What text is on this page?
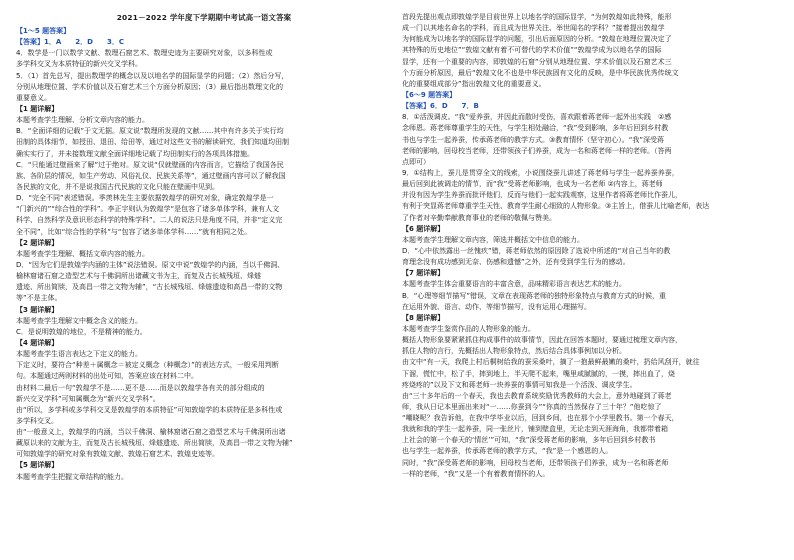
2021－2022 学年度下学期期中考试高一语文答案
【1～5 题答案】
【答案】1．A　　2．D　　3．C
4．数学是一门以数学文献、数理石窟艺术、数理史迹为主要研究对象，以多科性或
多学科交叉为本质特征的新兴交叉学科。
5．（1）首先总写，提出数理学的概念以及以地名学的国际显学的问题；（2）然后分写，
分别从地理位置、学术价值以及石窟艺术三个方面分析原因；（3）最后指出数理文化的
重要意义。
【1 题详解】
本题考查学生理解、分析文章内容的能力。
B．“全面详细的记载”于文无据。原文说“数理所发现的文献……其中有许多关于实行均
田制的具体细节，如授田、退田、给田等，通过对这些文书的解读研究，我们知道均田制
确实实行了，并未接数理文献全面详细地记载了均田制实行的各项具体措施。
C．“只能通过壁画来了解”过于绝对。原文说“仅就壁画的内容而言，它描绘了我国各民
族、各阶层的情况，如生产劳动、风俗礼仪、民族关系等”，通过壁画内容可以了解我国
各民族的文化，并不是说我国古代民族的文化只能在壁画中见到。
D．“完全不同”表述错误。季羡林先生主要依据敦煌学的研究对象，确定敦煌学是一
“门新兴的”“综合性的学科”。李正宇则认为敦煌学“是包容了诸多单体学科，兼有人文
科学、自然科学及意识形态科学的特殊学科”。二人的说法只是角度不同，并非“定义完
全不同”，比如“综合性的学科”与“包容了诸多单体学科……”就有相同之处。
【2 题详解】
本题考查学生理解、概括文章内容的能力。
D．“因为它们是敦煌学内涵的主体”说法错误。原文中说“敦煌学的内涵，当以千佛洞、
榆林窟诸石窟之造型艺术与千佛洞所出诸藏文书为主，而复及古长城残垣、烽燧
遗迹、所出简牍，及高昌一带之文物为辅”，“古长城残垣、烽燧遗迹和高昌一带的文物
等”不是主体。
【3 题详解】
本题考查学生理解文中概念含义的能力。
C．是说明敦煌的地位，不是精神的能力。
【4 题详解】
本题考查学生语言表达之下定义的能力。
下定义时，要符合“种差＋属概念＝被定义概念（种概念）”的表达方式，一般采用判断
句。本题通过两则材料的出处可知，答案应该在材料二中。
由材料二最后一句“敦煌学不是……更不是……而是以敦煌学各有关的部分组成的
新兴交叉学科”可知属概念为“新兴交叉学科”。
由“所以，多学科或多学科交叉是敦煌学的本质特征”可知敦煌学的本质特征是多科性或
多学科交叉。
由“一般意义上，敦煌学的内涵，当以千佛洞、榆林窟诸石窟之造型艺术与千佛洞所出诸
藏原以来的文献为主，而复及古长城残垣、烽燧遗迹、所出简牍，及高昌一带之文物为辅”
可知敦煌学的研究对象有敦煌文献、敦煌石窟艺术、敦煌史迹等。
【5 题详解】
本题考查学生把握文章结构的能力。
首段先提出观点即敦煌学是目前世界上以地名学的国际显学，“为何敦煌如此特殊，能形
成一门以其地名命名的学科，而且成为世界关注、举世闻名的学科？”接着提出敦煌学
为何能成为以地名学的国际显学的问题，引出后面原因的分析。“敦煌在地理位置决定了
其特殊的历史地位”“敦煌文献有着不可替代的学术价值”“敦煌学成为以地名学的国际
显学，还有一个重要的内容，即敦煌的石窟”分别从地理位置、学术价值以及石窟艺术三
个方面分析原因，最后“敦煌文化不也是中华民族固有文化的反映，是中华民族优秀传统文
化的重要组成部分”指出敦煌文化的重要意义。
【6～9 题答案】
【答案】6．D　　7．B
8．①活泼调皮。“我”爱养蚕，并因此而散时受伤，喜欢跟着蒋老师一起外出实践　②感
念师恩。蒋老师尊重学生的天性，与学生相处融洽，“我”受到影响，多年后回到乡村教
书也与学生一起养蚕，传承蒋老师的教学方式。③教育情怀（坚守初心）。“我”深受蒋
老师的影响，回母校当老师，还带领孩子们养蚕，成为一名和蒋老师一样的老师。（答两
点即可）
9．①结构上，蚕儿是贯穿全文的线索，小说围绕蚕儿讲述了蒋老师与学生一起养蚕养蚕，
最后回到此被调走的情节，而“我”受蒋老师影响，也成为一名老师 ②内容上，蒋老师
并没有因为学生养蚕而批评他们，反而与他们一起实践观察，这里作者将蒋老师比作蚕儿，
有利于突显蒋老师尊重学生天性、教育学生耐心细致的人物形象。③主旨上，借蚕儿比喻老师，表达
了作者对辛勤奉献教育事业的老师的敬佩与赞美。
【6 题详解】
本题考查学生理解文章内容，筛选并概括文中信息的能力。
D．“心中依然露出一丝愧疚”错，蒋老师依然的原因除了选说中所述的“对自己当年的教
育理念没有成功感到无奈、伤感和遗憾”之外，还有受到学生行为的感动。
【7 题详解】
本题考查学生体会重要语言的丰富含意，品味精彩语言表达艺术的能力。
B．“心理等细节描写”错误，文章在表现蒋老师的独特形象特点与教育方式的时候，重
在运用外貌、语言、动作、等细节描写，没有运用心理描写。
【8 题详解】
本题考查学生鉴赏作品的人物形象的能力。
概括人物形象要紧紧抓住构成事件的故事情节，因此在回答本题时，要通过梳理文章内容，
抓住人物的言行，先概括出人物形象特点，然后结合具体事例加以分析。
由文中“有一天，我爬上村后桐树给我的蚕采桑叶，摘了一抱最鲜最嫩的桑叶，扔给风刮开，就往
下溜，慌忙中，松了手，摔到地上，半天爬不起来，嘴里咸腻腻的，一摸，摔出血了，烧
疼烧疼的”以及下文和蒋老师一块养蚕的事情可知我是一个活泼、调皮学生。
由“三十多年后的一个春天，我也去教育系统奖励优秀教师的大会上，意外地碰到了蒋老
师，我从日记本里面出来对“一……你蚕到今”“你真的当然保存了三十年？”他吃惊了
“嘲晓呢？我告诉他，在我中学毕业以后，回到乡间，也在那个小学里教书。第一个春天，
我就和我的学生一起养蚕，同一张丝片，铺到壁盒里，无论走到天涯海角，我都带着箱
上社会的第一个春天的‘情丝’”可知，“我”深受蒋老师的影响，多年后回到乡村教书
也与学生一起养蚕，传承蒋老师的教学方式，“我”是一个感恩的人。
同时，“我”深受蒋老师的影响，回母校当老师，还带领孩子们养蚕，成为一名和蒋老师
一样的老师，“我”又是一个有着教育情怀的人。
